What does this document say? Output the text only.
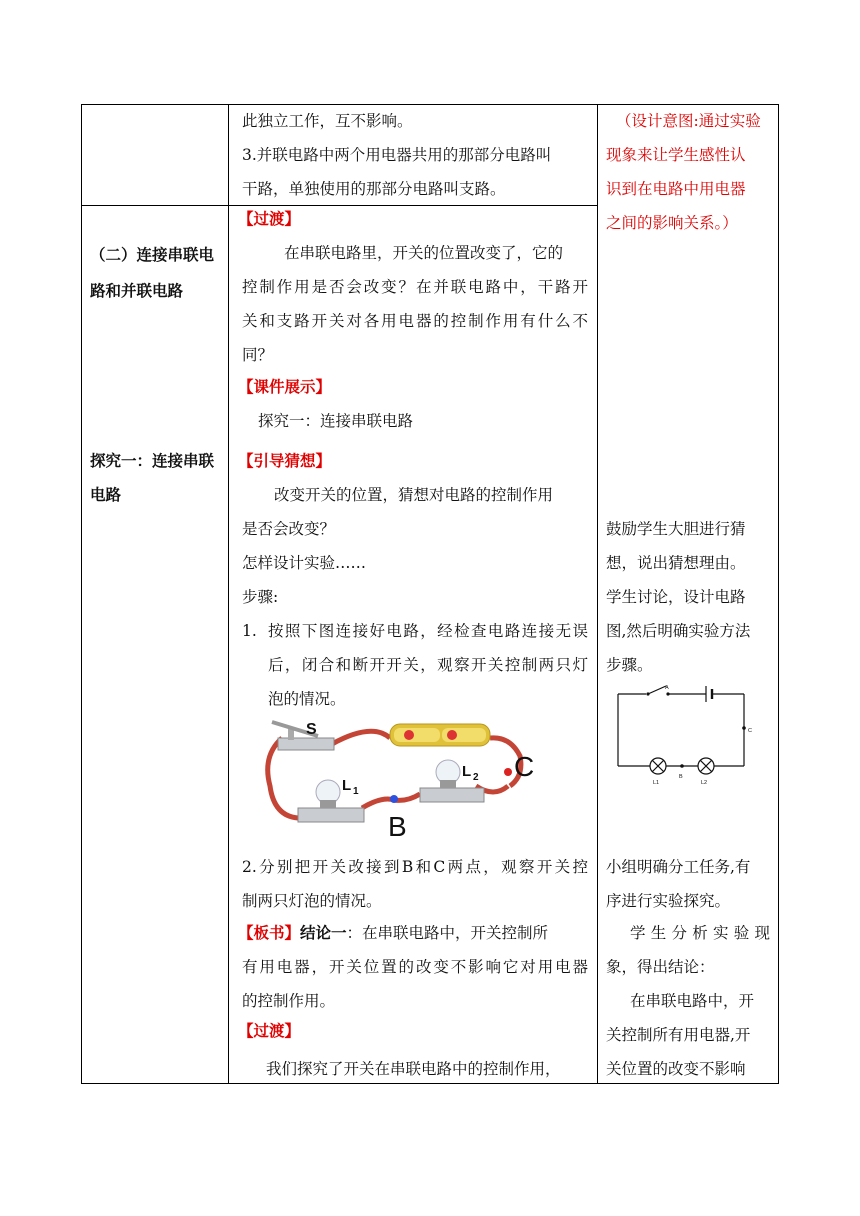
（二）连接串联电
路和并联电路
探究一：连接串联
电路
此独立工作，互不影响。
3.并联电路中两个用电器共用的那部分电路叫
干路，单独使用的那部分电路叫支路。
【过渡】
在串联电路里，开关的位置改变了，它的
控制作用是否会改变？在并联电路中，干路开
关和支路开关对各用电器的控制作用有什么不
同？
【课件展示】
探究一：连接串联电路
【引导猜想】
改变开关的位置，猜想对电路的控制作用
是否会改变？
怎样设计实验……
步骤:
1. 按照下图连接好电路，经检查电路连接无误
后，闭合和断开开关，观察开关控制两只灯
泡的情况。
S
L 1
L 2
B
C
2.分别把开关改接到B和C两点，观察开关控
制两只灯泡的情况。
【板书】结论一：在串联电路中，开关控制所
有用电器，开关位置的改变不影响它对用电器
的控制作用。
【过渡】
我们探究了开关在串联电路中的控制作用，
（设计意图:通过实验
现象来让学生感性认
识到在电路中用电器
之间的影响关系。）
鼓励学生大胆进行猜
想，说出猜想理由。
学生讨论，设计电路
图,然后明确实验方法
步骤。
A
C
B
L1	L2
小组明确分工任务,有
序进行实验探究。
学生分析实验现
象，得出结论：
在串联电路中，开
关控制所有用电器,开
关位置的改变不影响
